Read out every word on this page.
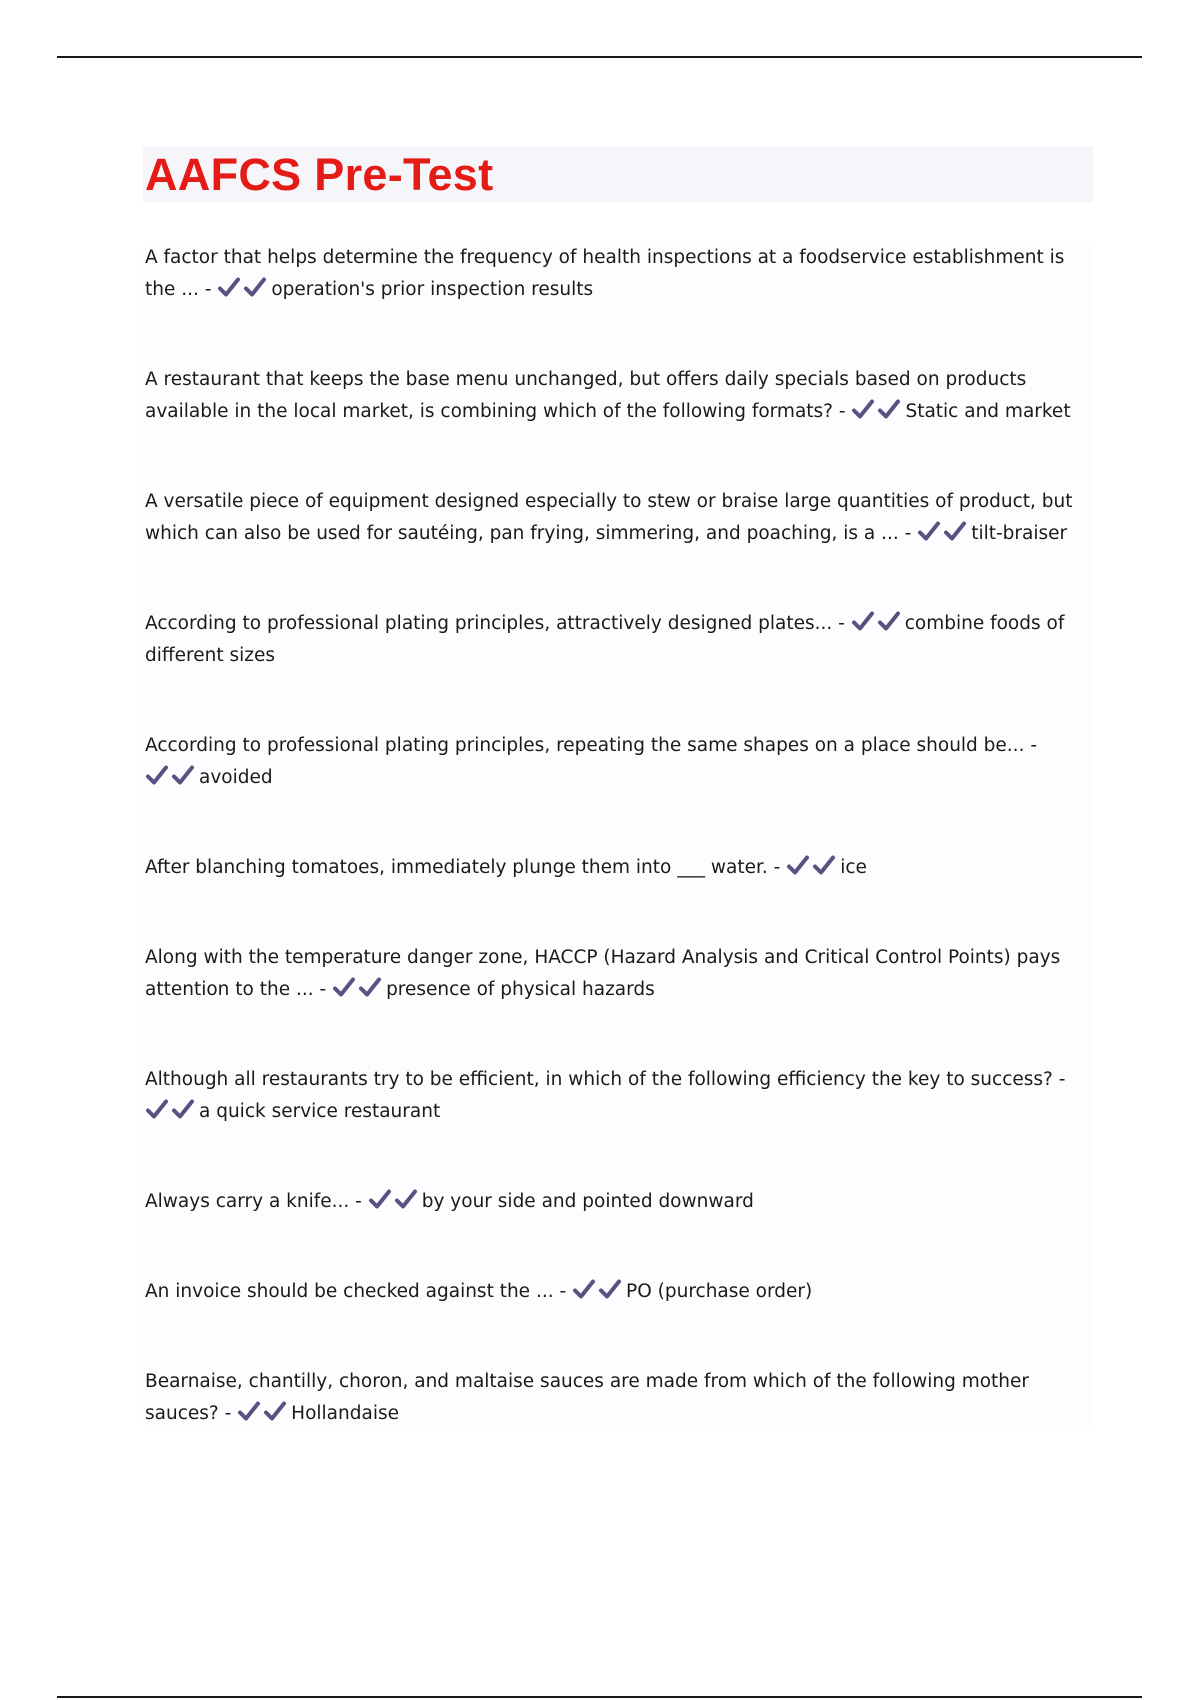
AAFCS Pre-Test

A factor that helps determine the frequency of health inspections at a foodservice establishment is the ... -	operation's prior inspection results

A restaurant that keeps the base menu unchanged, but offers daily specials based on products available in the local market, is combining which of the following formats? -	Static and market

A versatile piece of equipment designed especially to stew or braise large quantities of product, but which can also be used for sautéing, pan frying, simmering, and poaching, is a ... -	tilt-braiser

According to professional plating principles, attractively designed plates... -	combine foods of different sizes

According to professional plating principles, repeating the same shapes on a place should be... -
avoided

After blanching tomatoes, immediately plunge them into ___ water. -	ice

Along with the temperature danger zone, HACCP (Hazard Analysis and Critical Control Points) pays attention to the ... -	presence of physical hazards

Although all restaurants try to be efficient, in which of the following efficiency the key to success? -
a quick service restaurant

Always carry a knife... -	by your side and pointed downward

An invoice should be checked against the ... -	PO (purchase order)

Bearnaise, chantilly, choron, and maltaise sauces are made from which of the following mother sauces? -	Hollandaise
